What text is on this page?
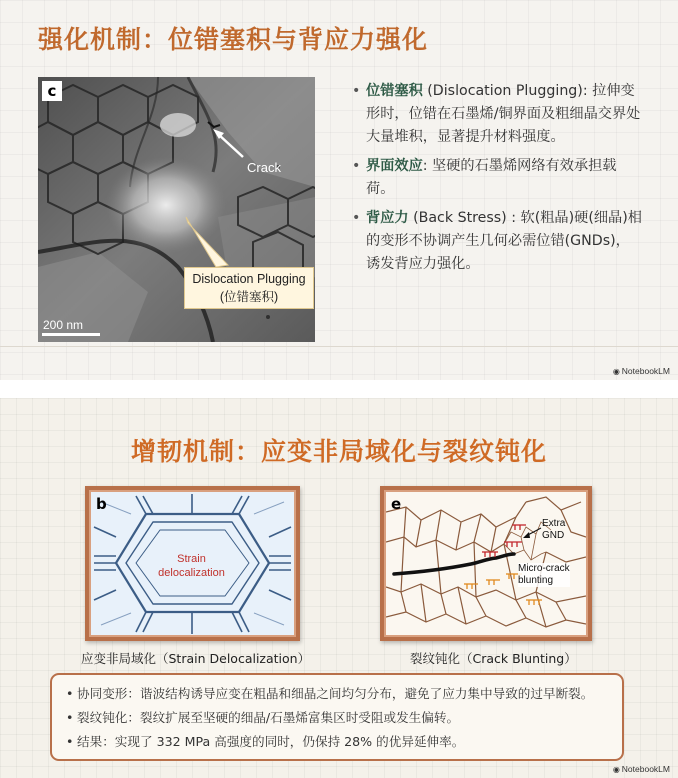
强化机制：位错塞积与背应力强化
c
Crack
Dislocation Plugging
(位错塞积)
200 nm
• 位错塞积 (Dislocation Plugging): 拉伸变形时，位错在石墨烯/铜界面及粗细晶交界处大量堆积，显著提升材料强度。
• 界面效应: 坚硬的石墨烯网络有效承担载荷。
• 背应力 (Back Stress) : 软(粗晶)硬(细晶)相的变形不协调产生几何必需位错(GNDs)，诱发背应力强化。
◉ NotebookLM
增韧机制：应变非局域化与裂纹钝化
b
Strain
delocalization
应变非局域化（Strain Delocalization）
e
Extra
GND
Micro-crack
blunting
裂纹钝化（Crack Blunting）
• 协同变形：谐波结构诱导应变在粗晶和细晶之间均匀分布，避免了应力集中导致的过早断裂。
• 裂纹钝化：裂纹扩展至坚硬的细晶/石墨烯富集区时受阻或发生偏转。
• 结果：实现了 332 MPa 高强度的同时，仍保持 28% 的优异延伸率。
◉ NotebookLM
